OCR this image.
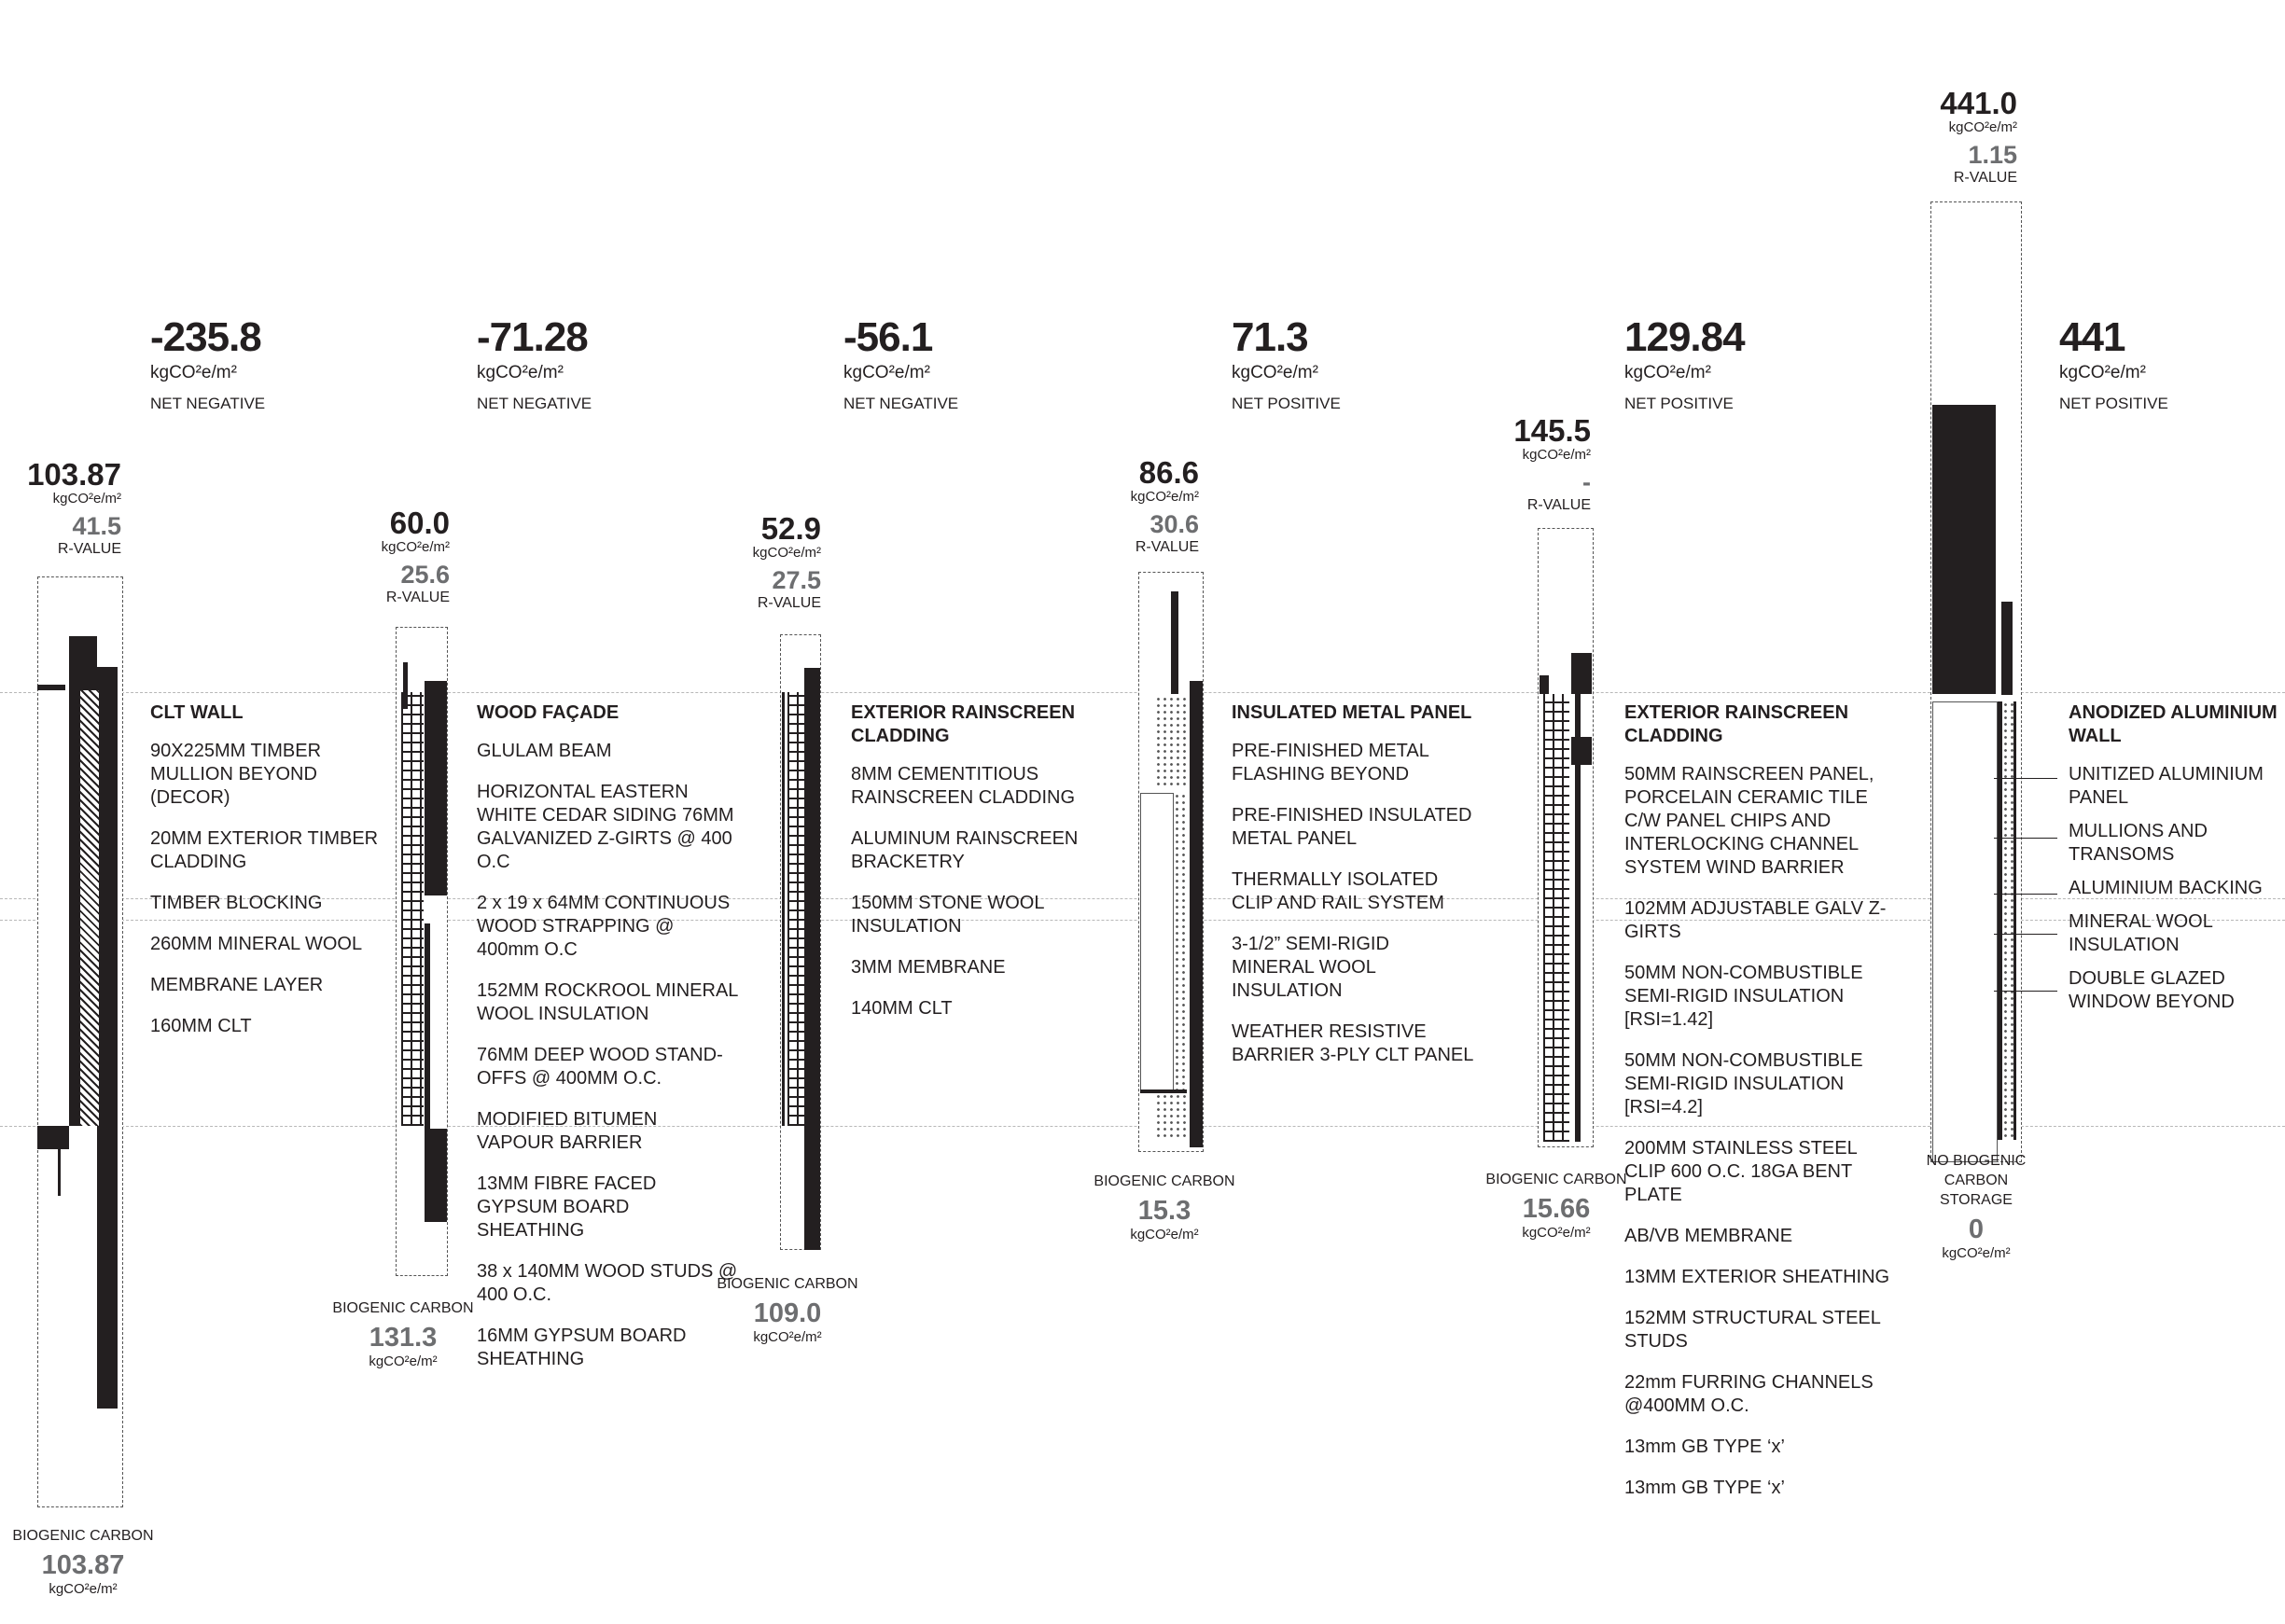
-235.8
kgCO²e/m²
NET NEGATIVE
103.87
kgCO²e/m²
41.5
R-VALUE
CLT WALL
90X225MM TIMBER MULLION BEYOND (DECOR)
20MM EXTERIOR TIMBER CLADDING
TIMBER BLOCKING
260MM MINERAL WOOL
MEMBRANE LAYER
160MM CLT
BIOGENIC CARBON
103.87
kgCO²e/m²
-71.28
kgCO²e/m²
NET NEGATIVE
60.0
kgCO²e/m²
25.6
R-VALUE
WOOD FAÇADE
GLULAM BEAM
HORIZONTAL EASTERN WHITE CEDAR SIDING 76MM GALVANIZED Z-GIRTS @ 400 O.C
2 x 19 x 64MM CONTINUOUS WOOD STRAPPING @ 400mm O.C
152MM ROCKROOL MINERAL WOOL INSULATION
76MM DEEP WOOD STAND-OFFS @ 400MM O.C.
MODIFIED BITUMEN VAPOUR BARRIER
13MM FIBRE FACED GYPSUM BOARD SHEATHING
38 x 140MM WOOD STUDS @ 400 O.C.
16MM GYPSUM BOARD SHEATHING
BIOGENIC CARBON
131.3
kgCO²e/m²
-56.1
kgCO²e/m²
NET NEGATIVE
52.9
kgCO²e/m²
27.5
R-VALUE
EXTERIOR RAINSCREEN CLADDING
8MM CEMENTITIOUS RAINSCREEN CLADDING
ALUMINUM RAINSCREEN BRACKETRY
150MM STONE WOOL INSULATION
3MM MEMBRANE
140MM CLT
BIOGENIC CARBON
109.0
kgCO²e/m²
71.3
kgCO²e/m²
NET POSITIVE
86.6
kgCO²e/m²
30.6
R-VALUE
INSULATED METAL PANEL
PRE-FINISHED METAL FLASHING BEYOND
PRE-FINISHED INSULATED METAL PANEL
THERMALLY ISOLATED CLIP AND RAIL SYSTEM
3-1/2” SEMI-RIGID MINERAL WOOL INSULATION
WEATHER RESISTIVE BARRIER 3-PLY CLT PANEL
BIOGENIC CARBON
15.3
kgCO²e/m²
129.84
kgCO²e/m²
NET POSITIVE
145.5
kgCO²e/m²
-
R-VALUE
EXTERIOR RAINSCREEN CLADDING
50MM RAINSCREEN PANEL, PORCELAIN CERAMIC TILE C/W PANEL CHIPS AND INTERLOCKING CHANNEL SYSTEM WIND BARRIER
102MM ADJUSTABLE GALV Z-GIRTS
50MM NON-COMBUSTIBLE SEMI-RIGID INSULATION [RSI=1.42]
50MM NON-COMBUSTIBLE SEMI-RIGID INSULATION [RSI=4.2]
200MM STAINLESS STEEL CLIP 600 O.C. 18GA BENT PLATE
AB/VB MEMBRANE
13MM EXTERIOR SHEATHING
152MM STRUCTURAL STEEL STUDS
22mm FURRING CHANNELS @400MM O.C.
13mm GB TYPE ‘x’
13mm GB TYPE ‘x’
BIOGENIC CARBON
15.66
kgCO²e/m²
441
kgCO²e/m²
NET POSITIVE
441.0
kgCO²e/m²
1.15
R-VALUE
ANODIZED ALUMINIUM WALL
UNITIZED ALUMINIUM PANEL
MULLIONS AND TRANSOMS
ALUMINIUM BACKING
MINERAL WOOL INSULATION
DOUBLE GLAZED WINDOW BEYOND
NO BIOGENIC CARBON STORAGE
0
kgCO²e/m²
